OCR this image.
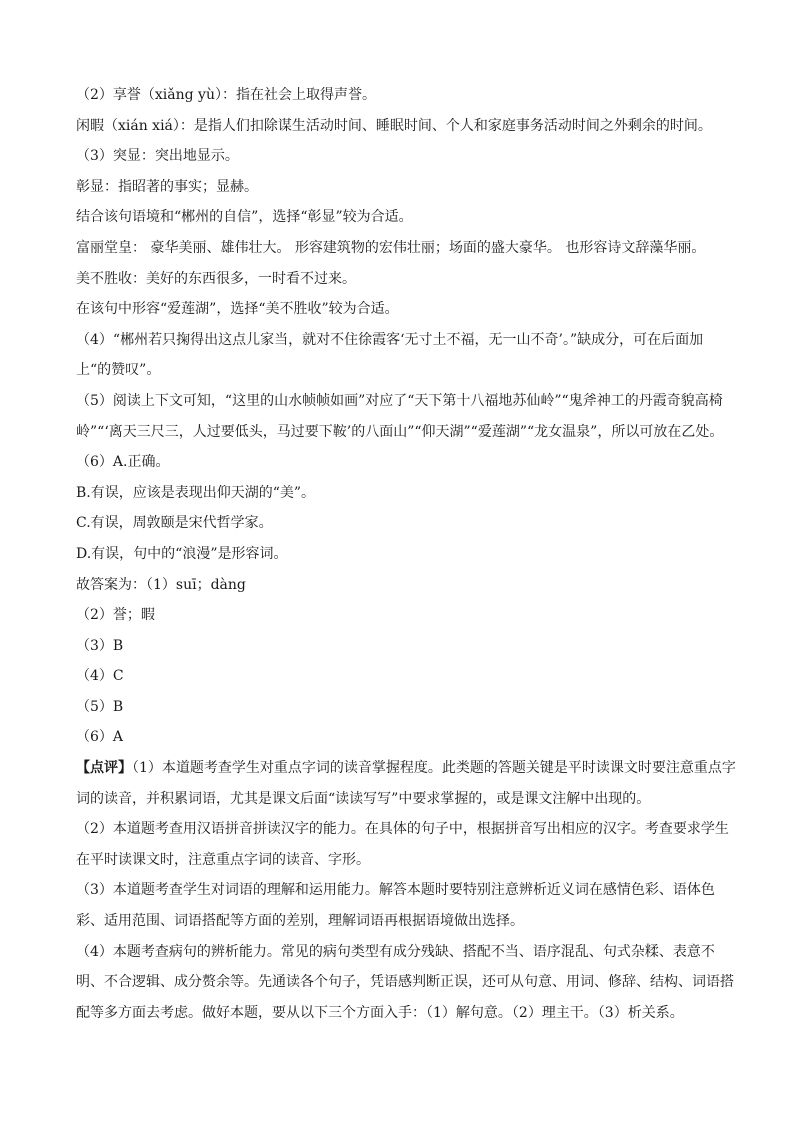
（2）享誉（xiǎng yù）：指在社会上取得声誉。

闲暇（xián xiá）：是指人们扣除谋生活动时间、睡眠时间、个人和家庭事务活动时间之外剩余的时间。

（3）突显：突出地显示。

彰显：指昭著的事实；显赫。

结合该句语境和“郴州的自信”，选择“彰显”较为合适。

富丽堂皇： 豪华美丽、雄伟壮大。 形容建筑物的宏伟壮丽；场面的盛大豪华。 也形容诗文辞藻华丽。

美不胜收：美好的东西很多，一时看不过来。

在该句中形容“爱莲湖”，选择“美不胜收”较为合适。

（4）“郴州若只掬得出这点儿家当，就对不住徐霞客‘无寸土不福，无一山不奇’。”缺成分，可在后面加上“的赞叹”。

（5）阅读上下文可知，“这里的山水帧帧如画”对应了“天下第十八福地苏仙岭”“鬼斧神工的丹霞奇貌高椅岭”“‘离天三尺三，人过要低头，马过要下鞍’的八面山”“仰天湖”“爱莲湖”“龙女温泉”，所以可放在乙处。

（6）A.正确。

B.有误，应该是表现出仰天湖的“美”。

C.有误，周敦颐是宋代哲学家。

D.有误，句中的“浪漫”是形容词。

故答案为：（1）suī；dàng

（2）誉；暇

（3）B

（4）C

（5）B

（6）A

【点评】（1）本道题考查学生对重点字词的读音掌握程度。此类题的答题关键是平时读课文时要注意重点字词的读音，并积累词语，尤其是课文后面“读读写写”中要求掌握的，或是课文注解中出现的。

（2）本道题考查用汉语拼音拼读汉字的能力。在具体的句子中，根据拼音写出相应的汉字。考查要求学生在平时读课文时，注意重点字词的读音、字形。

（3）本道题考查学生对词语的理解和运用能力。解答本题时要特别注意辨析近义词在感情色彩、语体色彩、适用范围、词语搭配等方面的差别，理解词语再根据语境做出选择。

（4）本题考查病句的辨析能力。常见的病句类型有成分残缺、搭配不当、语序混乱、句式杂糅、表意不明、不合逻辑、成分赘余等。先通读各个句子，凭语感判断正误，还可从句意、用词、修辞、结构、词语搭配等多方面去考虑。做好本题，要从以下三个方面入手：（1）解句意。（2）理主干。（3）析关系。
